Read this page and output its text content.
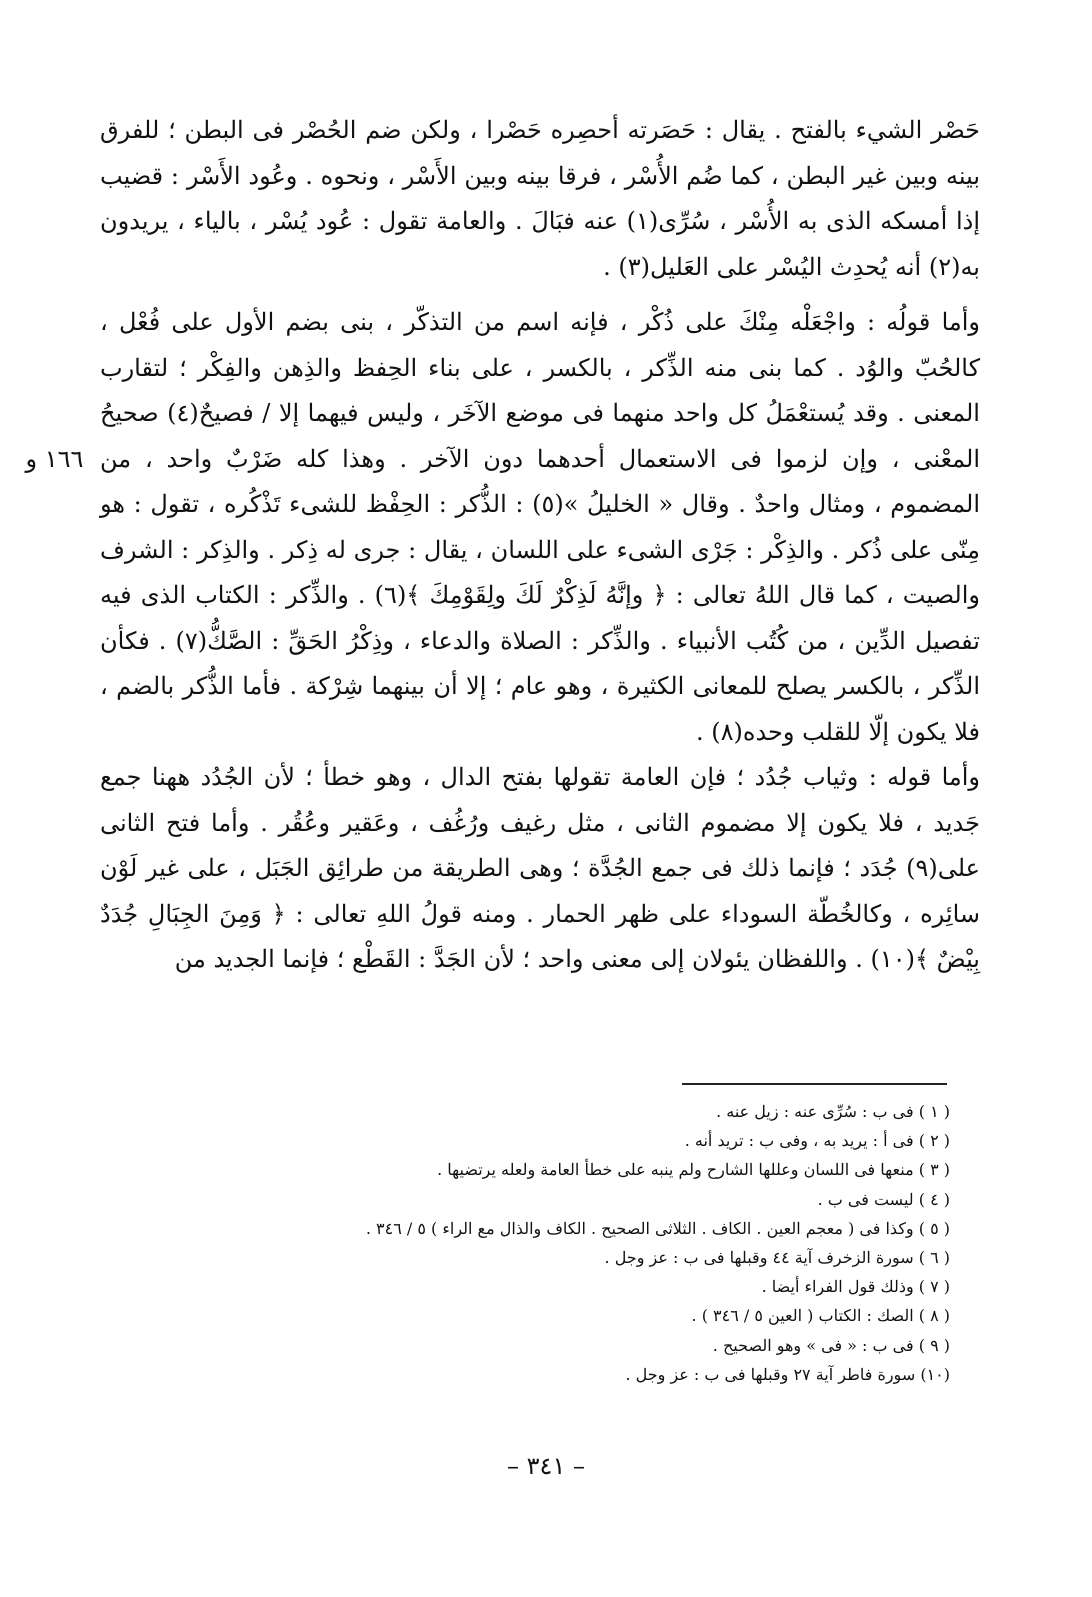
١٦٦ و

حَصْر الشيء بالفتح . يقال : حَصَرته أحصِره حَصْرا ، ولكن ضم الحُصْر فى البطن ؛ للفرق بينه وبين غير البطن ، كما ضُم الأُسْر ، فرقا بينه وبين الأَسْر ، ونحوه . وعُود الأَسْر : قضيب إذا أمسكه الذى به الأُسْر ، سُرِّى(١) عنه فبَالَ . والعامة تقول : عُود يُسْر ، بالياء ، يريدون به(٢) أنه يُحدِث اليُسْر على العَليل(٣) .

وأما قولُه : واجْعَلْه مِنْكَ على ذُكْر ، فإنه اسم من التذكّر ، بنى بضم الأول على فُعْل ، كالحُبّ والوُد . كما بنى منه الذِّكر ، بالكسر ، على بناء الحِفظ والذِهن والفِكْر ؛ لتقارب المعنى . وقد يُستعْمَلُ كل واحد منهما فى موضع الآخَر ، وليس فيهما إلا / فصيحٌ(٤) صحيحُ المعْنى ، وإن لزموا فى الاستعمال أحدهما دون الآخر . وهذا كله ضَرْبٌ واحد ، من المضموم ، ومثال واحدٌ . وقال « الخليلُ »(٥) : الذُّكر : الحِفْظ للشىء تَذْكُره ، تقول : هو مِنّى على ذُكر . والذِكْر : جَرْى الشىء على اللسان ، يقال : جرى له ذِكر . والذِكر : الشرف والصيت ، كما قال اللهُ تعالى : ﴿ وإنَّهُ لَذِكْرٌ لَكَ ولِقَوْمِكَ ﴾(٦) . والذِّكر : الكتاب الذى فيه تفصيل الدِّين ، من كُتُب الأنبياء . والذِّكر : الصلاة والدعاء ، وذِكْرُ الحَقِّ : الصَّكُّ(٧) . فكأن الذِّكر ، بالكسر يصلح للمعانى الكثيرة ، وهو عام ؛ إلا أن بينهما شِرْكة . فأما الذُّكر بالضم ، فلا يكون إلّا للقلب وحده(٨) .

وأما قوله : وثياب جُدُد ؛ فإن العامة تقولها بفتح الدال ، وهو خطأ ؛ لأن الجُدُد ههنا جمع جَديد ، فلا يكون إلا مضموم الثانى ، مثل رغيف ورُغُف ، وعَقير وعُقُر . وأما فتح الثانى على(٩) جُدَد ؛ فإنما ذلك فى جمع الجُدَّة ؛ وهى الطريقة من طرائِق الجَبَل ، على غير لَوْن سائِره ، وكالخُطّة السوداء على ظهر الحمار . ومنه قولُ اللهِ تعالى : ﴿ وَمِنَ الجِبَالِ جُدَدٌ بِيْضٌ ﴾(١٠) . واللفظان يئولان إلى معنى واحد ؛ لأن الجَدَّ : القَطْع ؛ فإنما الجديد من

( ١ ) فى ب : سُرِّى عنه : زيل عنه .

( ٢ ) فى أ : يريد به ، وفى ب : تريد أنه .

( ٣ ) منعها فى اللسان وعللها الشارح ولم ينبه على خطأ العامة ولعله يرتضيها .

( ٤ ) ليست فى ب .

( ٥ ) وكذا فى ( معجم العين . الكاف . الثلاثى الصحيح . الكاف والذال مع الراء ) ٥ / ٣٤٦ .

( ٦ ) سورة الزخرف آية ٤٤ وقبلها فى ب : عز وجل .

( ٧ ) وذلك قول الفراء أيضا .

( ٨ ) الصك : الكتاب ( العين ٥ / ٣٤٦ ) .

( ٩ ) فى ب : « فى » وهو الصحيح .

(١٠) سورة فاطر آية ٢٧ وقبلها فى ب : عز وجل .

– ٣٤١ –
